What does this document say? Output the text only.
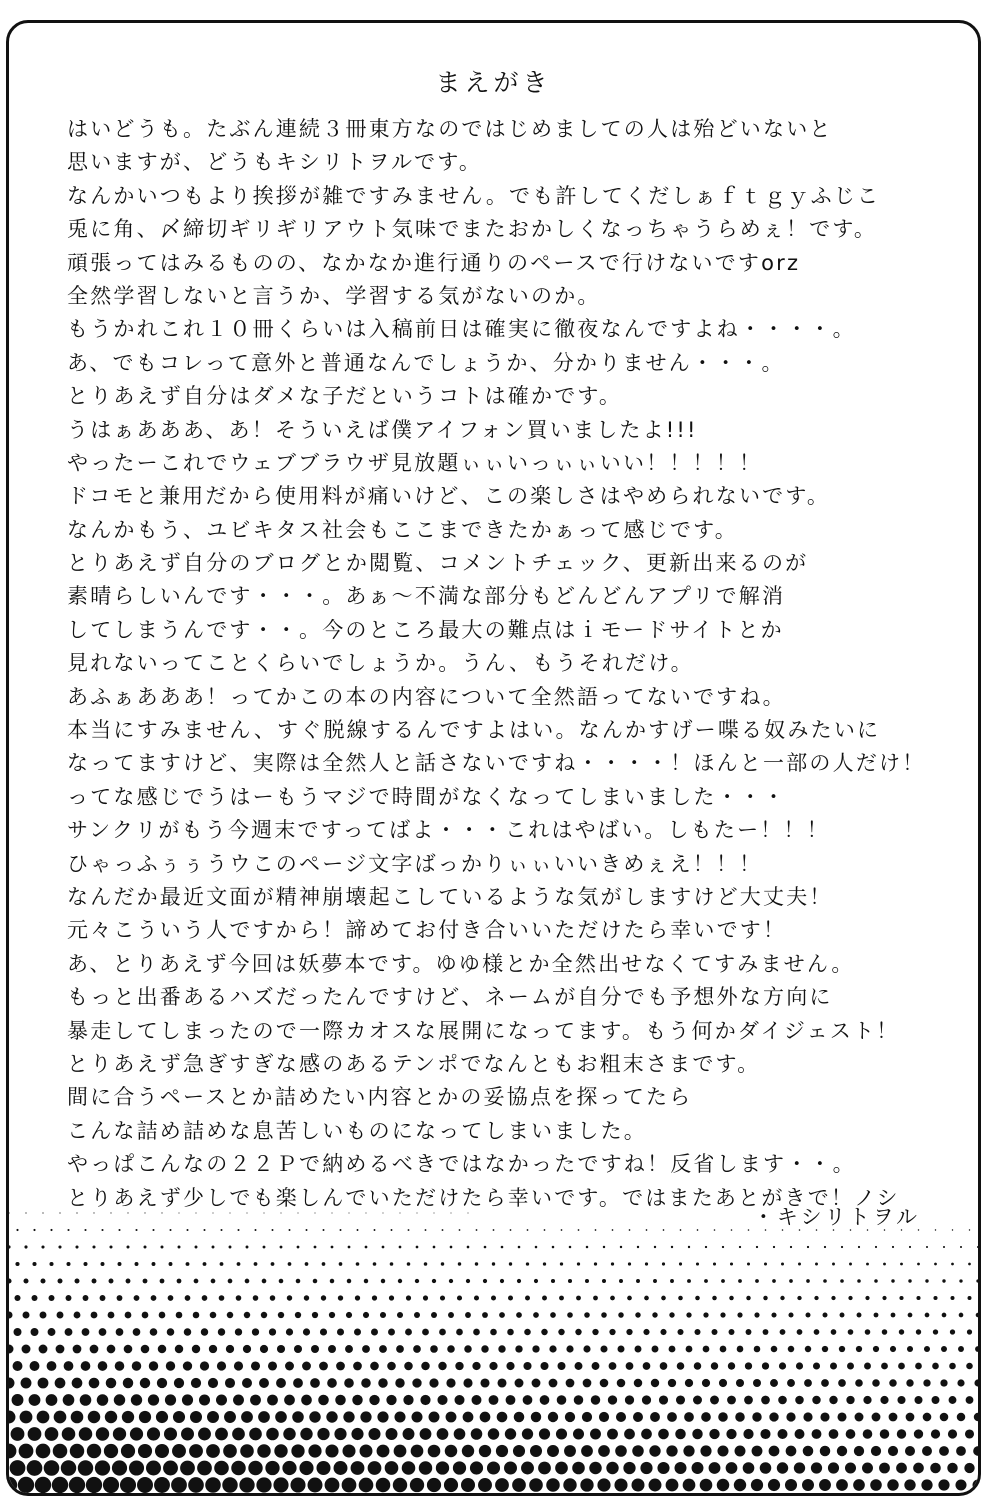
まえがき
はいどうも。たぶん連続３冊東方なのではじめましての人は殆どいないと
思いますが、どうもキシリトヲルです。
なんかいつもより挨拶が雑ですみません。でも許してくだしぁｆｔｇｙふじこ
兎に角、〆締切ギリギリアウト気味でまたおかしくなっちゃうらめぇ！です。
頑張ってはみるものの、なかなか進行通りのペースで行けないですorz
全然学習しないと言うか、学習する気がないのか。
もうかれこれ１０冊くらいは入稿前日は確実に徹夜なんですよね・・・・。
あ、でもコレって意外と普通なんでしょうか、分かりません・・・。
とりあえず自分はダメな子だというコトは確かです。
うはぁあああ、あ！そういえば僕アイフォン買いましたよ!!!
やったーこれでウェブブラウザ見放題ぃぃいっぃぃいい！！！！！
ドコモと兼用だから使用料が痛いけど、この楽しさはやめられないです。
なんかもう、ユビキタス社会もここまできたかぁって感じです。
とりあえず自分のブログとか閲覧、コメントチェック、更新出来るのが
素晴らしいんです・・・。あぁ～不満な部分もどんどんアプリで解消
してしまうんです・・。今のところ最大の難点はｉモードサイトとか
見れないってことくらいでしょうか。うん、もうそれだけ。
あふぁあああ！ってかこの本の内容について全然語ってないですね。
本当にすみません、すぐ脱線するんですよはい。なんかすげー喋る奴みたいに
なってますけど、実際は全然人と話さないですね・・・・！ほんと一部の人だけ！
ってな感じでうはーもうマジで時間がなくなってしまいました・・・
サンクリがもう今週末ですってばよ・・・これはやばい。しもたー！！！
ひゃっふぅぅうウこのページ文字ばっかりぃぃいいきめぇえ！！！
なんだか最近文面が精神崩壊起こしているような気がしますけど大丈夫！
元々こういう人ですから！諦めてお付き合いいただけたら幸いです！
あ、とりあえず今回は妖夢本です。ゆゆ様とか全然出せなくてすみません。
もっと出番あるハズだったんですけど、ネームが自分でも予想外な方向に
暴走してしまったので一際カオスな展開になってます。もう何かダイジェスト！
とりあえず急ぎすぎな感のあるテンポでなんともお粗末さまです。
間に合うペースとか詰めたい内容とかの妥協点を探ってたら
こんな詰め詰めな息苦しいものになってしまいました。
やっぱこんなの２２Ｐで納めるべきではなかったですね！反省します・・。
とりあえず少しでも楽しんでいただけたら幸いです。ではまたあとがきで！ノシ
・キシリトヲル
